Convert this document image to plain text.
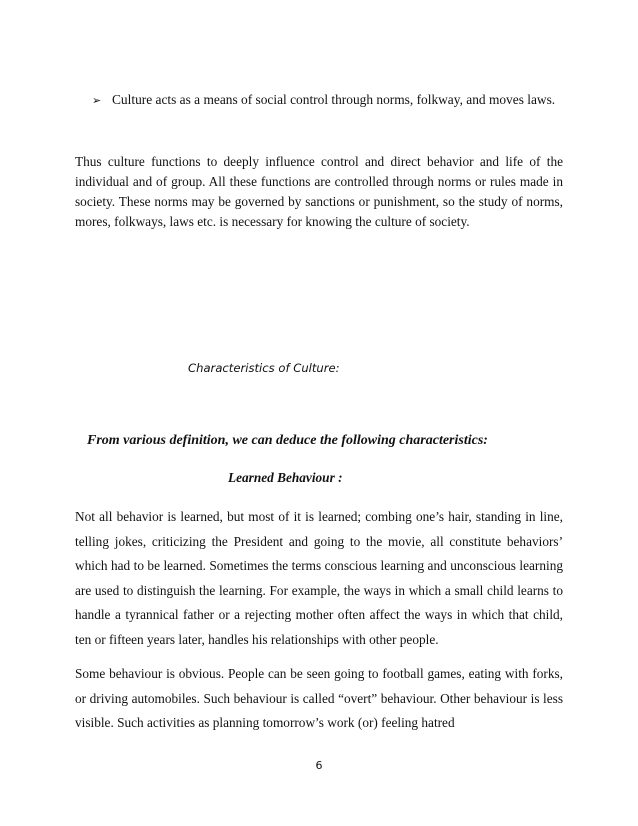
➢ Culture acts as a means of social control through norms, folkway, and moves laws.
Thus culture functions to deeply influence control and direct behavior and life of the individual and of group. All these functions are controlled through norms or rules made in society. These norms may be governed by sanctions or punishment, so the study of norms, mores, folkways, laws etc. is necessary for knowing the culture of society.
Characteristics of Culture:
From various definition, we can deduce the following characteristics:
Learned Behaviour :
Not all behavior is learned, but most of it is learned; combing one’s hair, standing in line, telling jokes, criticizing the President and going to the movie, all constitute behaviors’ which had to be learned. Sometimes the terms conscious learning and unconscious learning are used to distinguish the learning. For example, the ways in which a small child learns to handle a tyrannical father or a rejecting mother often affect the ways in which that child, ten or fifteen years later, handles his relationships with other people.
Some behaviour is obvious. People can be seen going to football games, eating with forks, or driving automobiles. Such behaviour is called “overt” behaviour. Other behaviour is less visible. Such activities as planning tomorrow’s work (or) feeling hatred
6
